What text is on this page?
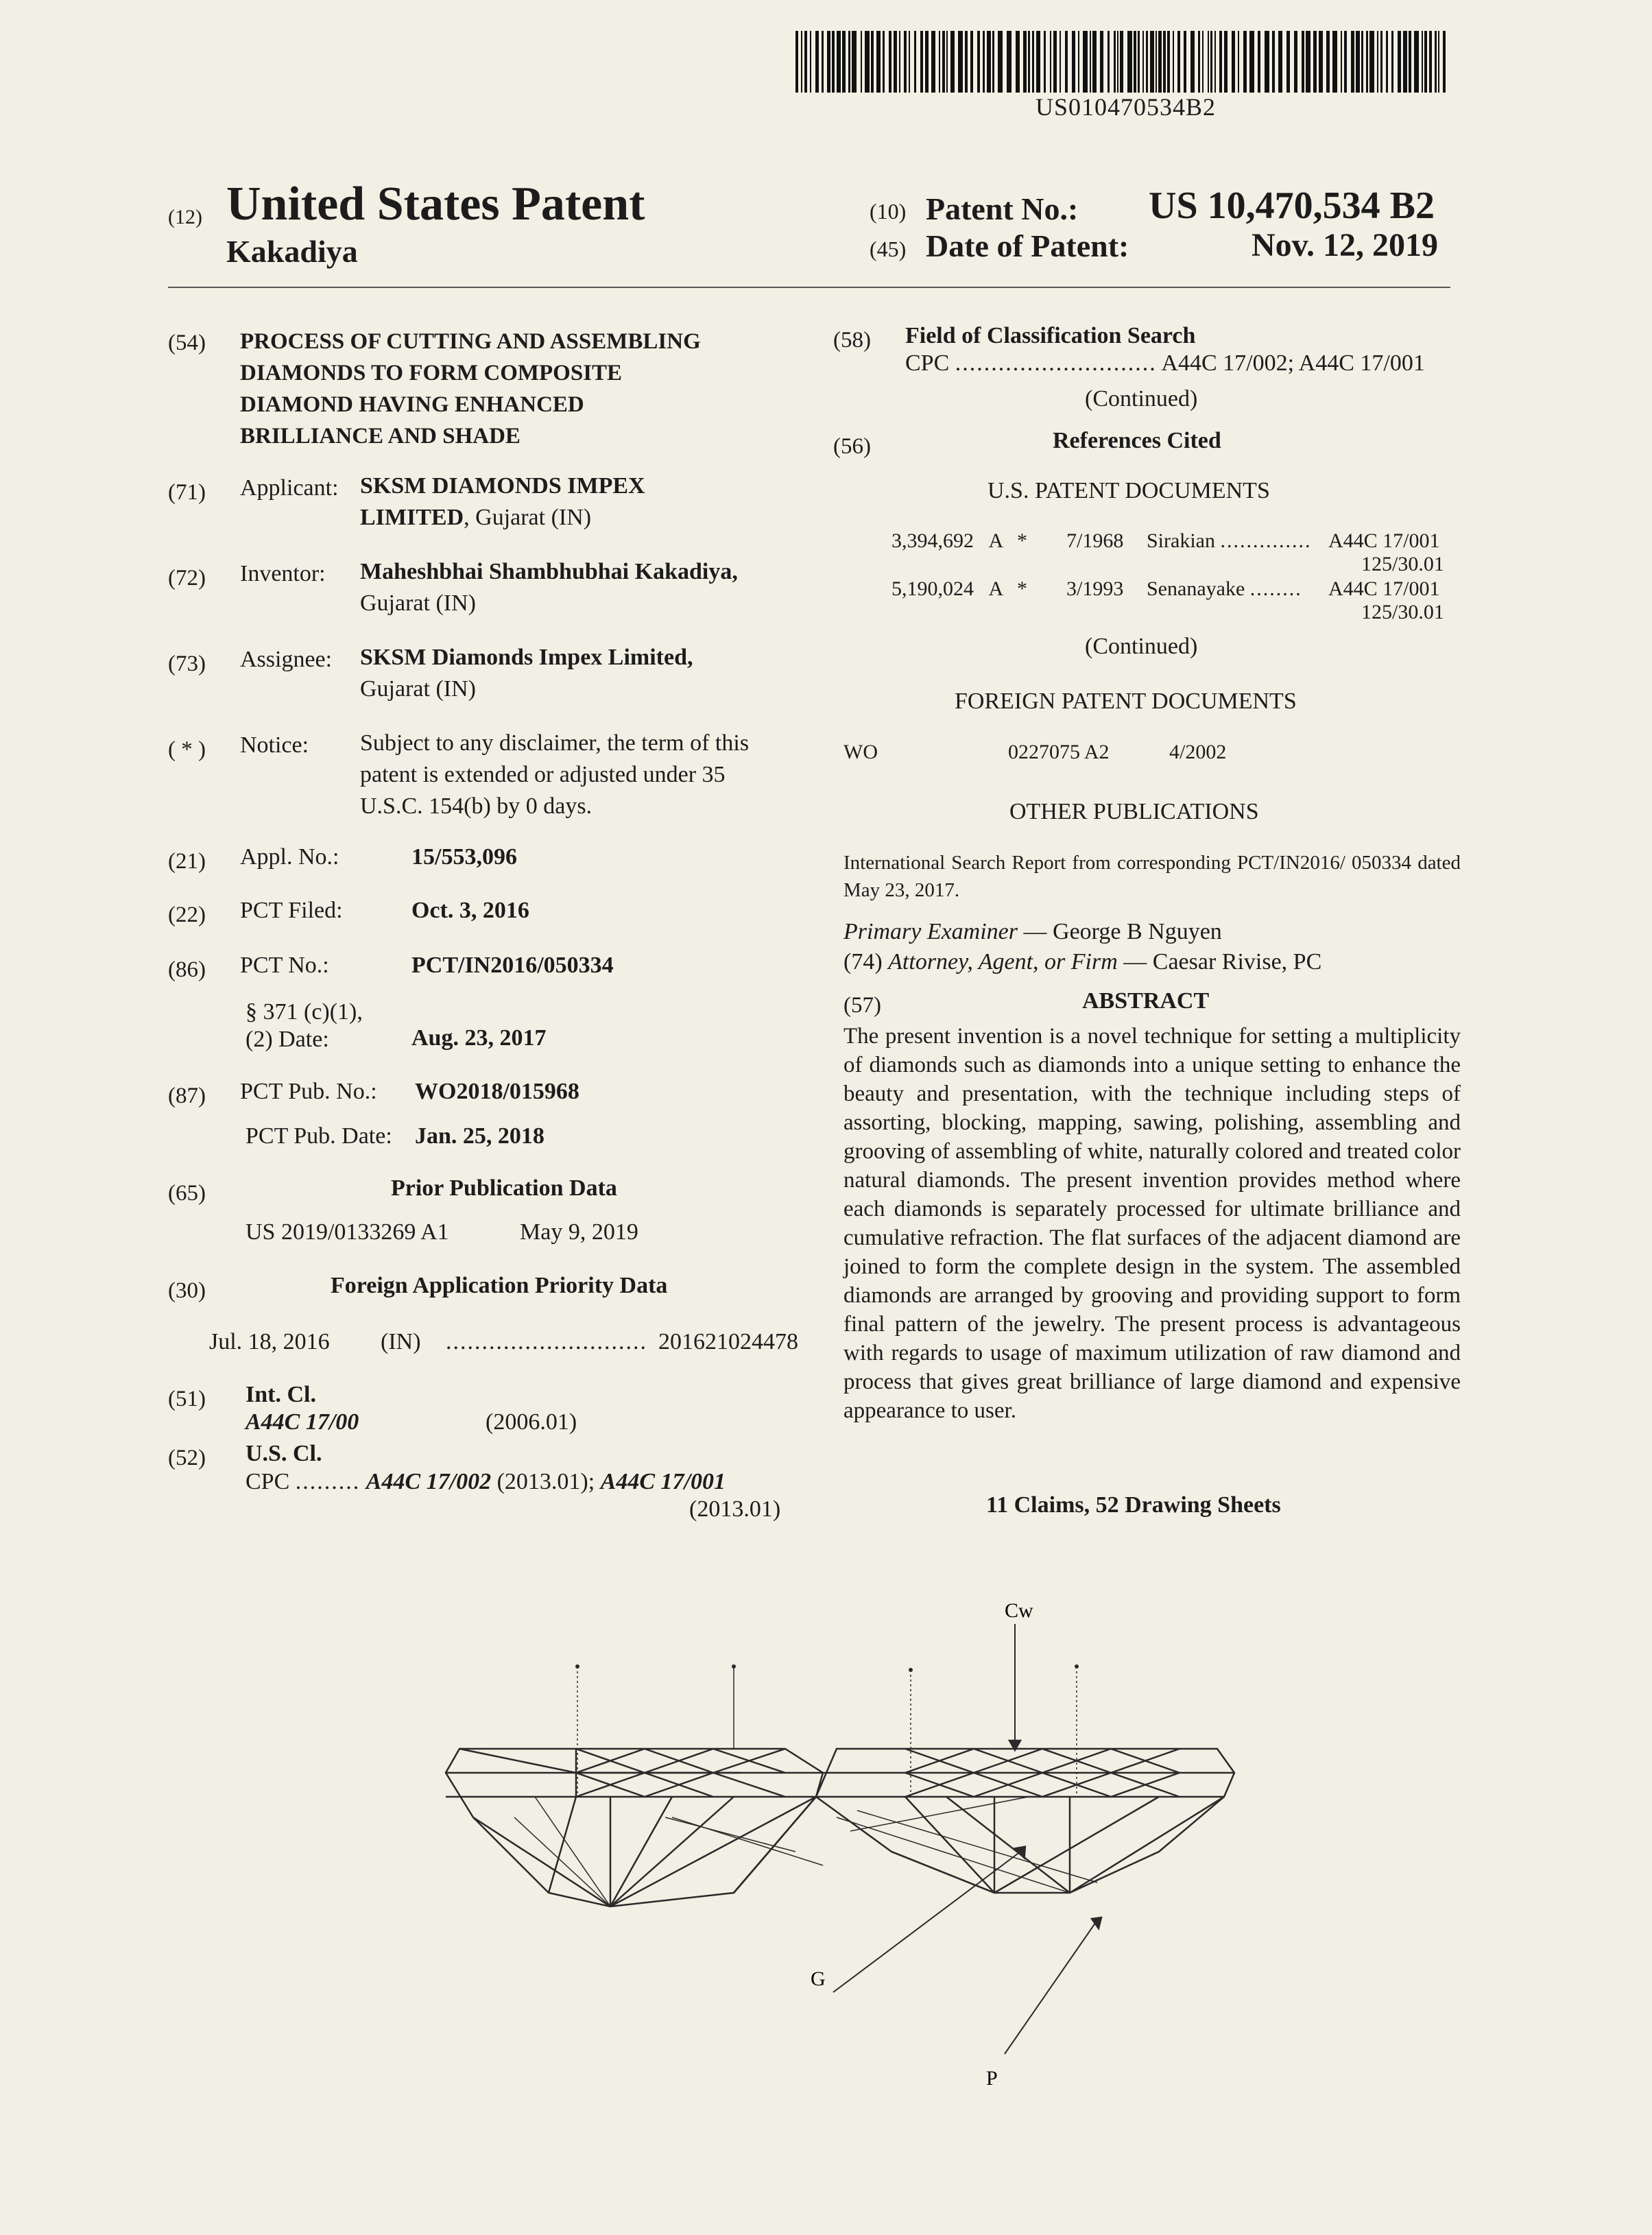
US010470534B2
(12) United States Patent
Kakadiya
(10) Patent No.: US 10,470,534 B2
(45) Date of Patent:	Nov. 12, 2019
(54) PROCESS OF CUTTING AND ASSEMBLING
DIAMONDS TO FORM COMPOSITE
DIAMOND HAVING ENHANCED
BRILLIANCE AND SHADE
(71) Applicant: SKSM DIAMONDS IMPEX
LIMITED, Gujarat (IN)
(72) Inventor: Maheshbhai Shambhubhai Kakadiya,
Gujarat (IN)
(73) Assignee: SKSM Diamonds Impex Limited,
Gujarat (IN)
( * ) Notice: Subject to any disclaimer, the term of this
patent is extended or adjusted under 35
U.S.C. 154(b) by 0 days.
(21) Appl. No.:	15/553,096
(22) PCT Filed:	Oct. 3, 2016
(86) PCT No.:	PCT/IN2016/050334
§ 371 (c)(1),
(2) Date:	Aug. 23, 2017
(87) PCT Pub. No.: WO2018/015968
PCT Pub. Date: Jan. 25, 2018
(65)	Prior Publication Data
US 2019/0133269 A1	May 9, 2019
(30)	Foreign Application Priority Data
Jul. 18, 2016 (IN) ............................ 201621024478
(51) Int. Cl.
A44C 17/00	(2006.01)
(52) U.S. Cl.
CPC ......... A44C 17/002 (2013.01); A44C 17/001
(2013.01)
(58) Field of Classification Search
CPC ............................ A44C 17/002; A44C 17/001
(Continued)
(56)	References Cited
U.S. PATENT DOCUMENTS
3,394,692 A * 7/1968 Sirakian .............. A44C 17/001
125/30.01
5,190,024 A * 3/1993 Senanayake ........ A44C 17/001
125/30.01
(Continued)
FOREIGN PATENT DOCUMENTS
WO	0227075 A2	4/2002
OTHER PUBLICATIONS
International Search Report from corresponding PCT/IN2016/ 050334 dated May 23, 2017.
Primary Examiner — George B Nguyen
(74) Attorney, Agent, or Firm — Caesar Rivise, PC
(57)	ABSTRACT
The present invention is a novel technique for setting a multiplicity of diamonds such as diamonds into a unique setting to enhance the beauty and presentation, with the technique including steps of assorting, blocking, mapping, sawing, polishing, assembling and grooving of assembling of white, naturally colored and treated color natural diamonds. The present invention provides method where each diamonds is separately processed for ultimate brilliance and cumulative refraction. The flat surfaces of the adjacent diamond are joined to form the complete design in the system. The assembled diamonds are arranged by grooving and providing support to form final pattern of the jewelry. The present process is advantageous with regards to usage of maximum utilization of raw diamond and process that gives great brilliance of large diamond and expensive appearance to user.
11 Claims, 52 Drawing Sheets
Cw
G
P
